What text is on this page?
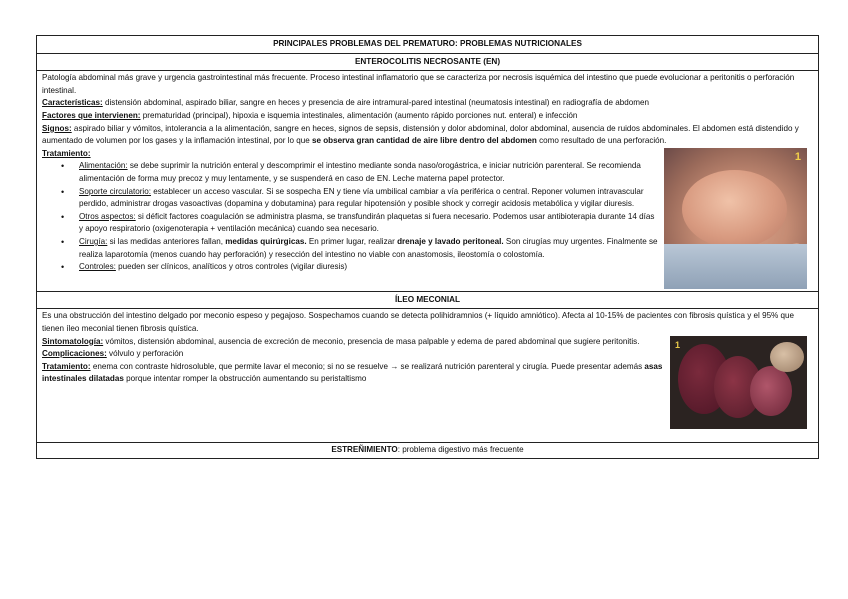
PRINCIPALES PROBLEMAS DEL PREMATURO: PROBLEMAS NUTRICIONALES
ENTEROCOLITIS NECROSANTE (EN)

Patología abdominal más grave y urgencia gastrointestinal más frecuente. Proceso intestinal inflamatorio que se caracteriza por necrosis isquémica del intestino que puede evolucionar a peritonitis o perforación intestinal.

Características: distensión abdominal, aspirado biliar, sangre en heces y presencia de aire intramural-pared intestinal (neumatosis intestinal) en radiografía de abdomen

Factores que intervienen: prematuridad (principal), hipoxia e isquemia intestinales, alimentación (aumento rápido porciones nut. enteral) e infección

Signos: aspirado biliar y vómitos, intolerancia a la alimentación, sangre en heces, signos de sepsis, distensión y dolor abdominal, dolor abdominal, ausencia de ruidos abdominales. El abdomen está distendido y aumentado de volumen por los gases y la inflamación intestinal, por lo que se observa gran cantidad de aire libre dentro del abdomen como resultado de una perforación.

1

Tratamiento:

• Alimentación: se debe suprimir la nutrición enteral y descomprimir el intestino mediante sonda naso/orogástrica, e iniciar nutrición parenteral. Se recomienda alimentación de forma muy precoz y muy lentamente, y se suspenderá en caso de EN. Leche materna papel protector.
• Soporte circulatorio: establecer un acceso vascular. Si se sospecha EN y tiene vía umbilical cambiar a vía periférica o central. Reponer volumen intravascular perdido, administrar drogas vasoactivas (dopamina y dobutamina) para regular hipotensión y posible shock y corregir acidosis metabólica y vigilar diuresis.
• Otros aspectos: si déficit factores coagulación se administra plasma, se transfundirán plaquetas si fuera necesario. Podemos usar antibioterapia durante 14 días y apoyo respiratorio (oxigenoterapia + ventilación mecánica) cuando sea necesario.
• Cirugía: si las medidas anteriores fallan, medidas quirúrgicas. En primer lugar, realizar drenaje y lavado peritoneal. Son cirugías muy urgentes. Finalmente se realiza laparotomía (menos cuando hay perforación) y resección del intestino no viable con anastomosis, ileostomía o colostomía.
• Controles: pueden ser clínicos, analíticos y otros controles (vigilar diuresis)

ÍLEO MECONIAL

Es una obstrucción del intestino delgado por meconio espeso y pegajoso. Sospechamos cuando se detecta polihidramnios (+ líquido amniótico). Afecta al 10-15% de pacientes con fibrosis quística y el 95% que tienen íleo meconial tienen fibrosis quística.

1

Sintomatología: vómitos, distensión abdominal, ausencia de excreción de meconio, presencia de masa palpable y edema de pared abdominal que sugiere peritonitis.

Complicaciones: vólvulo y perforación

Tratamiento: enema con contraste hidrosoluble, que permite lavar el meconio; si no se resuelve → se realizará nutrición parenteral y cirugía. Puede presentar además asas intestinales dilatadas porque intentar romper la obstrucción aumentando su peristaltismo

ESTREÑIMIENTO: problema digestivo más frecuente
